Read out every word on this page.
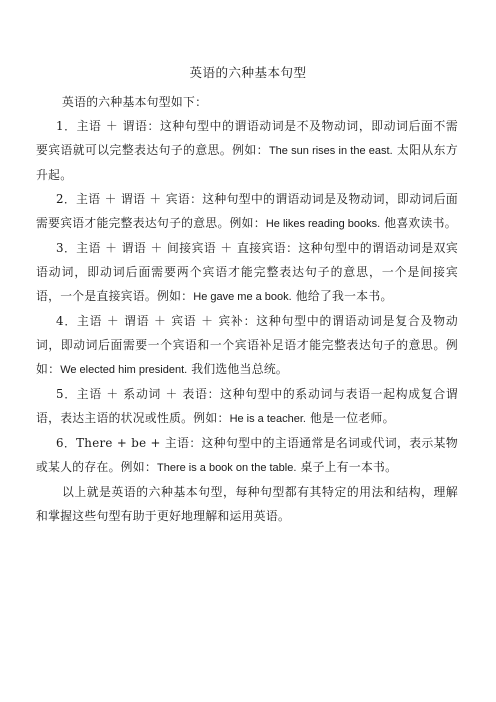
英语的六种基本句型

英语的六种基本句型如下：

1．主语 ＋ 谓语：这种句型中的谓语动词是不及物动词，即动词后面不需要宾语就可以完整表达句子的意思。例如：The sun rises in the east. 太阳从东方升起。

2．主语 ＋ 谓语 ＋ 宾语：这种句型中的谓语动词是及物动词，即动词后面需要宾语才能完整表达句子的意思。例如：He likes reading books. 他喜欢读书。

3．主语 ＋ 谓语 ＋ 间接宾语 ＋ 直接宾语：这种句型中的谓语动词是双宾语动词，即动词后面需要两个宾语才能完整表达句子的意思，一个是间接宾语，一个是直接宾语。例如：He gave me a book. 他给了我一本书。

4．主语 ＋ 谓语 ＋ 宾语 ＋ 宾补：这种句型中的谓语动词是复合及物动词，即动词后面需要一个宾语和一个宾语补足语才能完整表达句子的意思。例如：We elected him president. 我们选他当总统。

5．主语 ＋ 系动词 ＋ 表语：这种句型中的系动词与表语一起构成复合谓语，表达主语的状况或性质。例如：He is a teacher. 他是一位老师。

6．There + be + 主语：这种句型中的主语通常是名词或代词，表示某物或某人的存在。例如：There is a book on the table. 桌子上有一本书。

以上就是英语的六种基本句型，每种句型都有其特定的用法和结构，理解和掌握这些句型有助于更好地理解和运用英语。
